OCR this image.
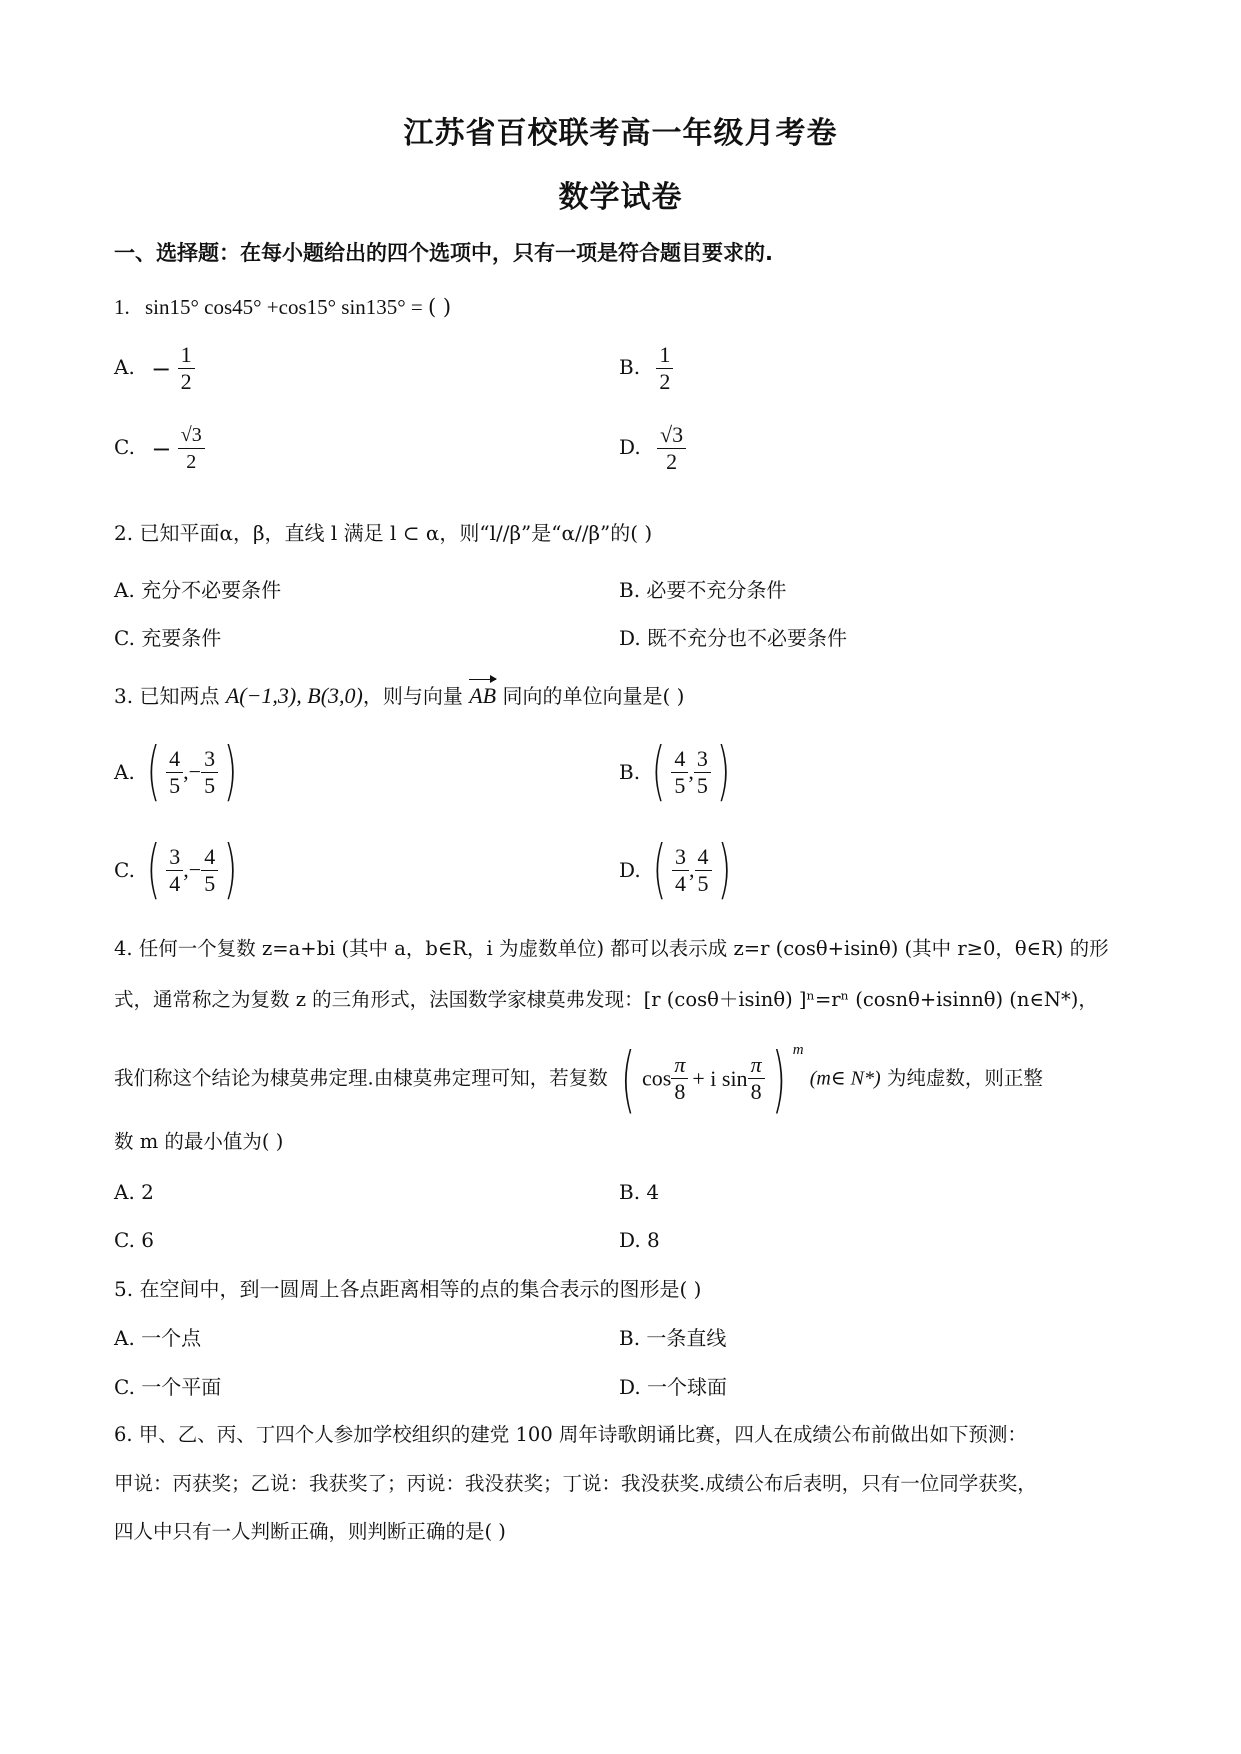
江苏省百校联考高一年级月考卷
数学试卷
一、选择题：在每小题给出的四个选项中，只有一项是符合题目要求的.
1. sin15° cos45° +cos15° sin135° = ( )
A. − $\frac{1}{2}$	B. $\frac{1}{2}$
C. − $\frac{√3}{2}$	D. $\frac{√3}{2}$
2. 已知平面α，β，直线 l 满足 l ⊂ α，则“l//β”是“α//β”的( )
A. 充分不必要条件	B. 必要不充分条件
C. 充要条件	D. 既不充分也不必要条件
3. 已知两点 A(−1,3), B(3,0)，则与向量 AB 同向的单位向量是( )
A. ( $\frac{4}{5}$ ,− $\frac{3}{5}$ )	B. ( $\frac{4}{5}$ , $\frac{3}{5}$ )
C. ( $\frac{3}{4}$ ,− $\frac{4}{5}$ )	D. ( $\frac{3}{4}$ , $\frac{4}{5}$ )
4. 任何一个复数 z=a+bi (其中 a，b∈R，i 为虚数单位) 都可以表示成 z=r (cosθ+isinθ) (其中 r≥0，θ∈R) 的形
式，通常称之为复数 z 的三角形式，法国数学家棣莫弗发现：[r (cosθ＋isinθ) ]ⁿ=rⁿ (cosnθ+isinnθ) (n∈N*)，
我们称这个结论为棣莫弗定理.由棣莫弗定理可知，若复数 ( $\cos \frac{\pi}{8} + i$ $\sin \frac{\pi}{8}$ ) $^m$ (m∈ N*) 为纯虚数，则正整
数 m 的最小值为( )
A. 2	B. 4
C. 6	D. 8
5. 在空间中，到一圆周上各点距离相等的点的集合表示的图形是( )
A. 一个点	B. 一条直线
C. 一个平面	D. 一个球面
6. 甲、乙、丙、丁四个人参加学校组织的建党 100 周年诗歌朗诵比赛，四人在成绩公布前做出如下预测：
甲说：丙获奖；乙说：我获奖了；丙说：我没获奖；丁说：我没获奖.成绩公布后表明，只有一位同学获奖，
四人中只有一人判断正确，则判断正确的是( )
